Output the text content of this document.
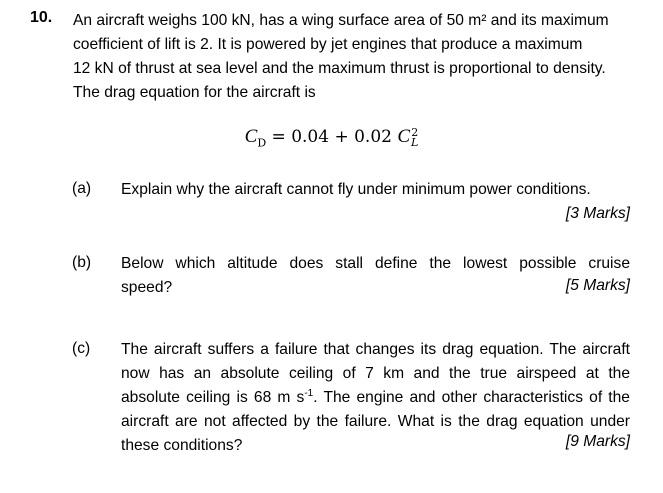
10. An aircraft weighs 100 kN, has a wing surface area of 50 m² and its maximum
coefficient of lift is 2. It is powered by jet engines that produce a maximum
12 kN of thrust at sea level and the maximum thrust is proportional to density.
The drag equation for the aircraft is
$C_D = 0.04 + 0.02$ C 2
L
(a) Explain why the aircraft cannot fly under minimum power conditions.
[3 Marks]
(b) Below which altitude does stall define the lowest possible cruise
speed?	[5 Marks]
(c) The aircraft suffers a failure that changes its drag equation. The aircraft
now has an absolute ceiling of 7 km and the true airspeed at the
absolute ceiling is 68 m $s^{-1}$. The engine and other characteristics of the
aircraft are not affected by the failure. What is the drag equation under
these conditions?	[9 Marks]
